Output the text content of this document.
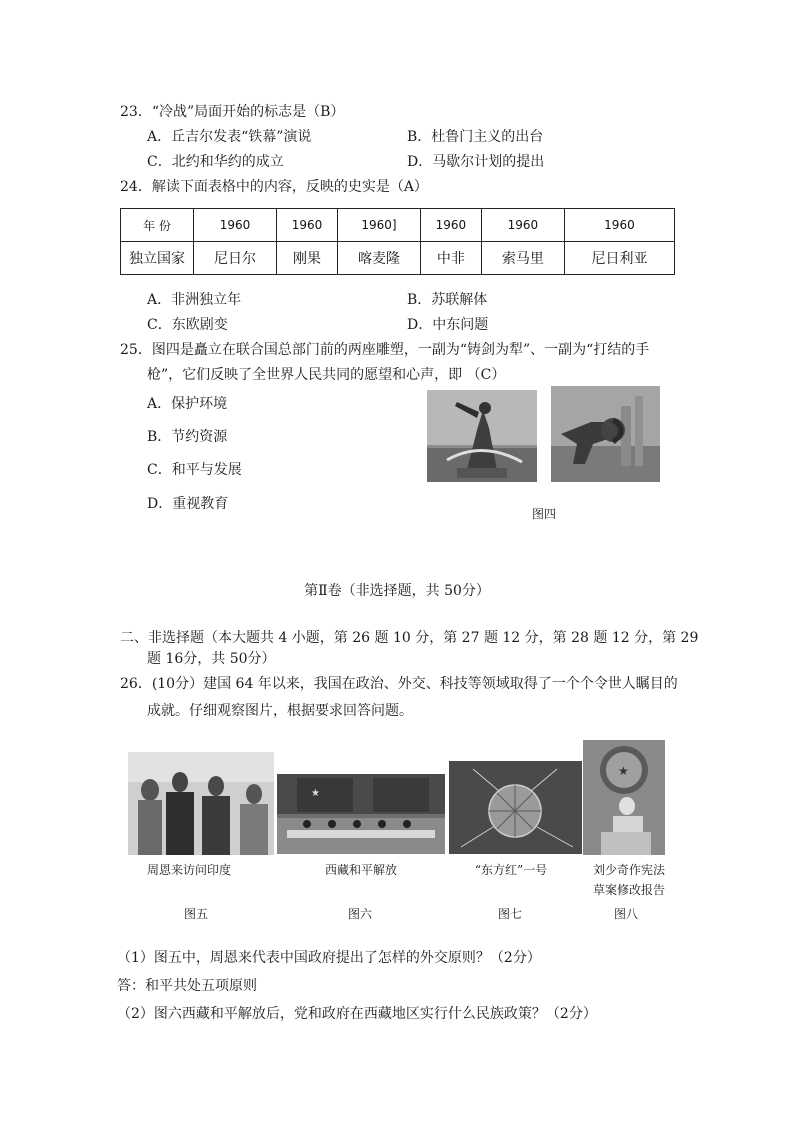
23．“冷战”局面开始的标志是（B）
A．丘吉尔发表“铁幕”演说	B．杜鲁门主义的出台
C．北约和华约的成立	D．马歇尔计划的提出
24．解读下面表格中的内容，反映的史实是（A）
年 份	1960	1960	1960]	1960	1960	1960
独立国家	尼日尔	刚果	喀麦隆	中非	索马里	尼日利亚
A．非洲独立年	B．苏联解体
C．东欧剧变	D．中东问题
25．图四是矗立在联合国总部门前的两座雕塑，一副为“铸剑为犁”、一副为“打结的手
枪”，它们反映了全世界人民共同的愿望和心声，即 （C）
A．保护环境
B．节约资源
C．和平与发展
D．重视教育
图四
第Ⅱ卷（非选择题，共 50分）
二、非选择题（本大题共 4 小题，第 26 题 10 分，第 27 题 12 分，第 28 题 12 分，第 29
题 16分，共 50分）
26．(10分）建国 64 年以来，我国在政治、外交、科技等领域取得了一个个令世人瞩目的
成就。仔细观察图片，根据要求回答问题。
★
★
周恩来访问印度	西藏和平解放	“东方红”一号	刘少奇作宪法
草案修改报告
图五	图六	图七	图八
（1）图五中，周恩来代表中国政府提出了怎样的外交原则？（2分）
答：和平共处五项原则
（2）图六西藏和平解放后，党和政府在西藏地区实行什么民族政策？（2分）
